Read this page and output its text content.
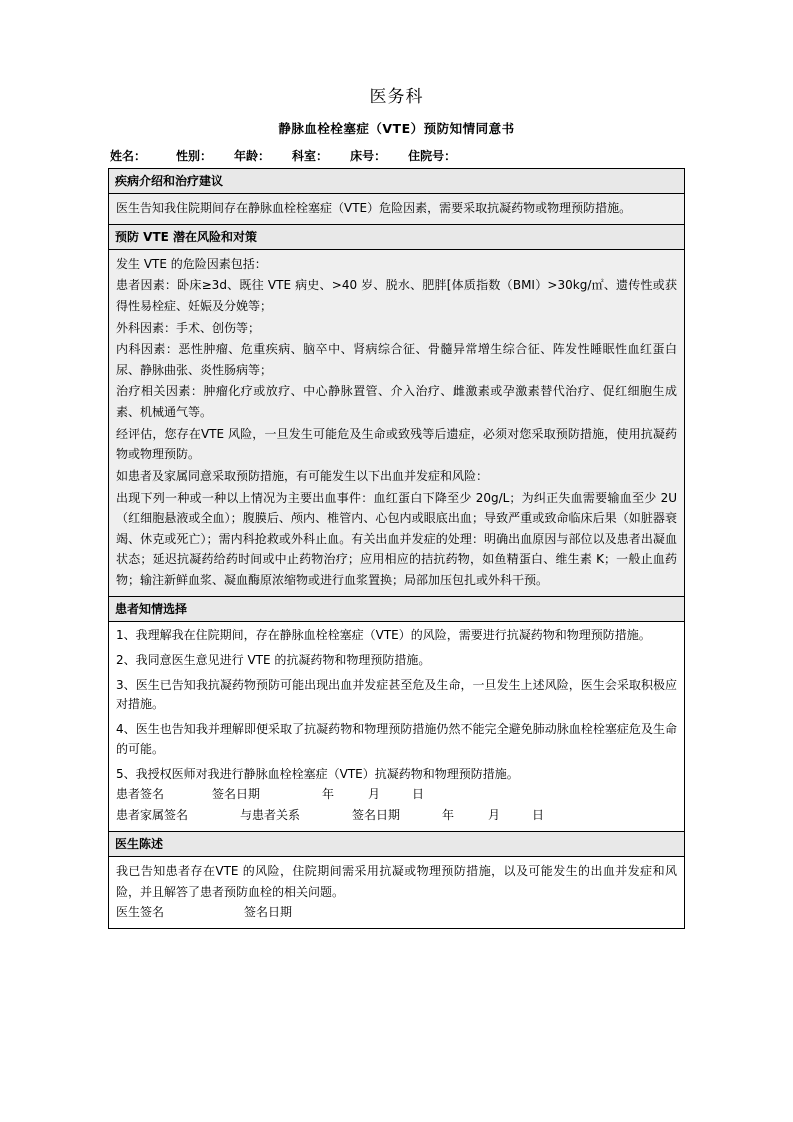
医务科
静脉血栓栓塞症（VTE）预防知情同意书
姓名：	性别： 年龄： 科室： 床号： 住院号：
疾病介绍和治疗建议

医生告知我住院期间存在静脉血栓栓塞症（VTE）危险因素，需要采取抗凝药物或物理预防措施。

预防 VTE 潜在风险和对策

发生 VTE 的危险因素包括：

患者因素：卧床≥3d、既往 VTE 病史、>40 岁、脱水、肥胖[体质指数（BMI）>30kg/㎡、遗传性或获得性易栓症、妊娠及分娩等；

外科因素：手术、创伤等；

内科因素：恶性肿瘤、危重疾病、脑卒中、肾病综合征、骨髓异常增生综合征、阵发性睡眠性血红蛋白尿、静脉曲张、炎性肠病等；

治疗相关因素：肿瘤化疗或放疗、中心静脉置管、介入治疗、雌激素或孕激素替代治疗、促红细胞生成素、机械通气等。

经评估，您存在VTE 风险，一旦发生可能危及生命或致残等后遗症，必须对您采取预防措施，使用抗凝药物或物理预防。

如患者及家属同意采取预防措施，有可能发生以下出血并发症和风险：

出现下列一种或一种以上情况为主要出血事件：血红蛋白下降至少 20g/L；为纠正失血需要输血至少 2U（红细胞悬液或全血）；腹膜后、颅内、椎管内、心包内或眼底出血；导致严重或致命临床后果（如脏器衰竭、休克或死亡）；需内科抢救或外科止血。有关出血并发症的处理：明确出血原因与部位以及患者出凝血状态；延迟抗凝药给药时间或中止药物治疗；应用相应的拮抗药物，如鱼精蛋白、维生素 K；一般止血药物；输注新鲜血浆、凝血酶原浓缩物或进行血浆置换；局部加压包扎或外科干预。

患者知情选择

1、我理解我在住院期间，存在静脉血栓栓塞症（VTE）的风险，需要进行抗凝药物和物理预防措施。

2、我同意医生意见进行 VTE 的抗凝药物和物理预防措施。

3、医生已告知我抗凝药物预防可能出现出血并发症甚至危及生命，一旦发生上述风险，医生会采取积极应对措施。

4、医生也告知我并理解即便采取了抗凝药物和物理预防措施仍然不能完全避免肺动脉血栓栓塞症危及生命的可能。

5、我授权医师对我进行静脉血栓栓塞症（VTE）抗凝药物和物理预防措施。

患者签名	签名日期	年	月	日
患者家属签名	与患者关系	签名日期	年	月	日

医生陈述

我已告知患者存在VTE 的风险，住院期间需采用抗凝或物理预防措施，以及可能发生的出血并发症和风险，并且解答了患者预防血栓的相关问题。

医生签名	签名日期
